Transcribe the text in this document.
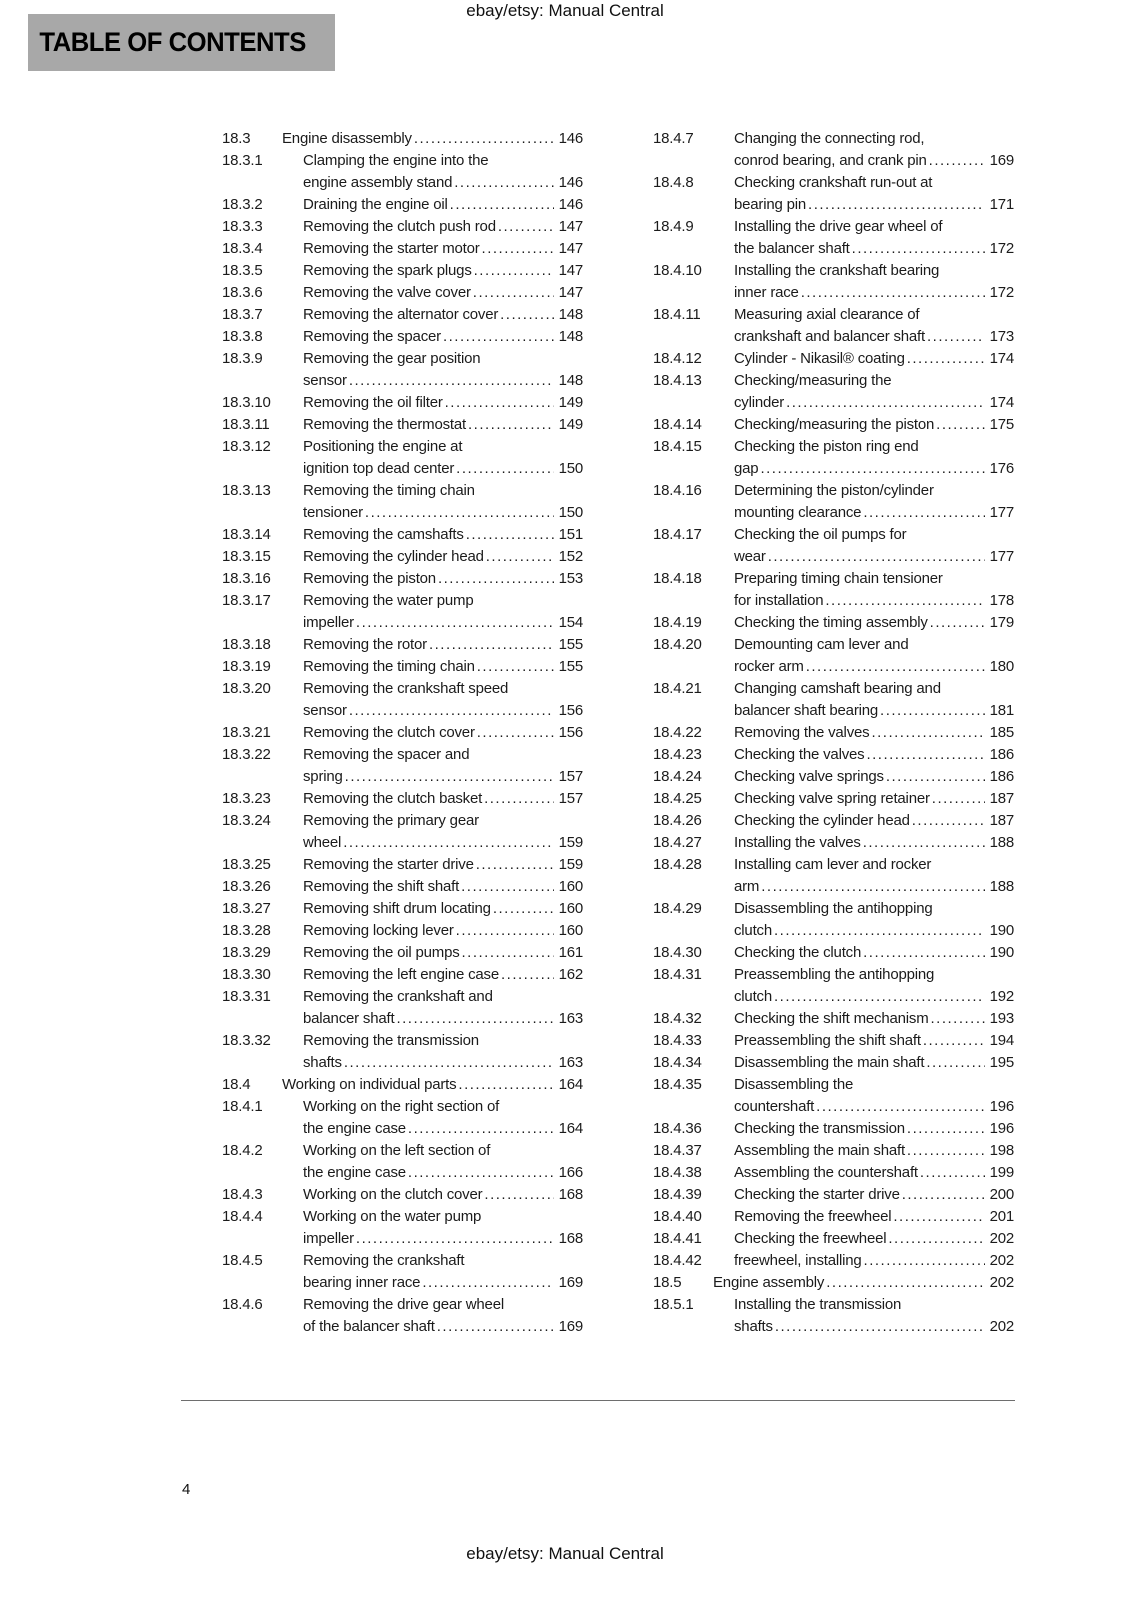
ebay/etsy: Manual Central
TABLE OF CONTENTS
18.3	Engine disassembly .....	146
18.3.1	Clamping the engine into the
engine assembly stand .....	146
18.3.2	Draining the engine oil .....	146
18.3.3	Removing the clutch push rod .....	147
18.3.4	Removing the starter motor .....	147
18.3.5	Removing the spark plugs .....	147
18.3.6	Removing the valve cover .....	147
18.3.7	Removing the alternator cover .....	148
18.3.8	Removing the spacer .....	148
18.3.9	Removing the gear position
sensor .....	148
18.3.10	Removing the oil filter .....	149
18.3.11	Removing the thermostat .....	149
18.3.12	Positioning the engine at
ignition top dead center .....	150
18.3.13	Removing the timing chain
tensioner .....	150
18.3.14	Removing the camshafts .....	151
18.3.15	Removing the cylinder head .....	152
18.3.16	Removing the piston .....	153
18.3.17	Removing the water pump
impeller .....	154
18.3.18	Removing the rotor .....	155
18.3.19	Removing the timing chain .....	155
18.3.20	Removing the crankshaft speed
sensor .....	156
18.3.21	Removing the clutch cover .....	156
18.3.22	Removing the spacer and
spring .....	157
18.3.23	Removing the clutch basket .....	157
18.3.24	Removing the primary gear
wheel .....	159
18.3.25	Removing the starter drive .....	159
18.3.26	Removing the shift shaft .....	160
18.3.27	Removing shift drum locating .....	160
18.3.28	Removing locking lever .....	160
18.3.29	Removing the oil pumps .....	161
18.3.30	Removing the left engine case .....	162
18.3.31	Removing the crankshaft and
balancer shaft .....	163
18.3.32	Removing the transmission
shafts .....	163
18.4	Working on individual parts .....	164
18.4.1	Working on the right section of
the engine case .....	164
18.4.2	Working on the left section of
the engine case .....	166
18.4.3	Working on the clutch cover .....	168
18.4.4	Working on the water pump
impeller .....	168
18.4.5	Removing the crankshaft
bearing inner race .....	169
18.4.6	Removing the drive gear wheel
of the balancer shaft .....	169
18.4.7	Changing the connecting rod,
conrod bearing, and crank pin .....	169
18.4.8	Checking crankshaft run-out at
bearing pin .....	171
18.4.9	Installing the drive gear wheel of
the balancer shaft .....	172
18.4.10	Installing the crankshaft bearing
inner race .....	172
18.4.11	Measuring axial clearance of
crankshaft and balancer shaft .....	173
18.4.12	Cylinder - Nikasil® coating .....	174
18.4.13	Checking/measuring the
cylinder .....	174
18.4.14	Checking/measuring the piston .....	175
18.4.15	Checking the piston ring end
gap .....	176
18.4.16	Determining the piston/cylinder
mounting clearance .....	177
18.4.17	Checking the oil pumps for
wear .....	177
18.4.18	Preparing timing chain tensioner
for installation .....	178
18.4.19	Checking the timing assembly .....	179
18.4.20	Demounting cam lever and
rocker arm .....	180
18.4.21	Changing camshaft bearing and
balancer shaft bearing .....	181
18.4.22	Removing the valves .....	185
18.4.23	Checking the valves .....	186
18.4.24	Checking valve springs .....	186
18.4.25	Checking valve spring retainer .....	187
18.4.26	Checking the cylinder head .....	187
18.4.27	Installing the valves .....	188
18.4.28	Installing cam lever and rocker
arm .....	188
18.4.29	Disassembling the antihopping
clutch .....	190
18.4.30	Checking the clutch .....	190
18.4.31	Preassembling the antihopping
clutch .....	192
18.4.32	Checking the shift mechanism .....	193
18.4.33	Preassembling the shift shaft .....	194
18.4.34	Disassembling the main shaft .....	195
18.4.35	Disassembling the
countershaft .....	196
18.4.36	Checking the transmission .....	196
18.4.37	Assembling the main shaft .....	198
18.4.38	Assembling the countershaft .....	199
18.4.39	Checking the starter drive .....	200
18.4.40	Removing the freewheel .....	201
18.4.41	Checking the freewheel .....	202
18.4.42	freewheel, installing .....	202
18.5	Engine assembly .....	202
18.5.1	Installing the transmission
shafts .....	202
4
ebay/etsy: Manual Central
